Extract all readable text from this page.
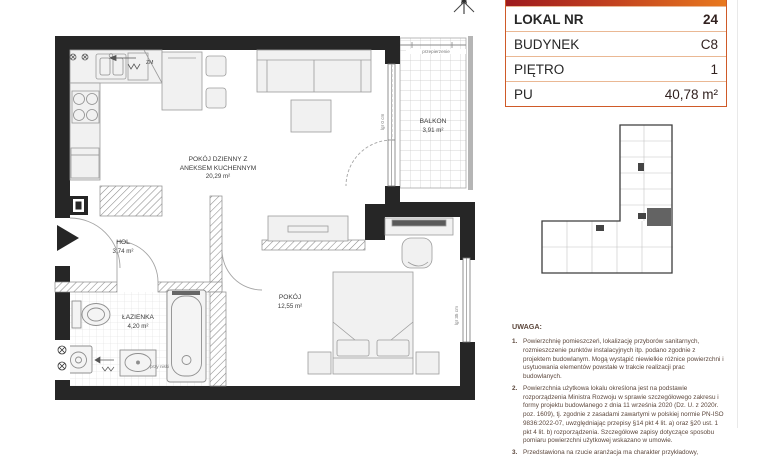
POKÓJ DZIENNY Z
ANEKSEM KUCHENNYM
20,29 m²
HOL
3,74 m²
ŁAZIENKA
4,20 m²
POKÓJ
12,55 m²
BALKON
3,91 m²
przepierzenie
ZM
lgr 0 cm
lgr 35 cm
przy niski
LOKAL NR	24
BUDYNEK	C8
PIĘTRO	1
PU	40,78 m²
UWAGA:
1. Powierzchnię pomieszczeń, lokalizację przyborów sanitarnych, rozmieszczenie punktów instalacyjnych itp. podano zgodnie z projektem budowlanym. Mogą wystąpić niewielkie różnice powierzchni i usytuowania elementów powstałe w trakcie realizacji prac budowlanych.
2. Powierzchnia użytkowa lokalu określona jest na podstawie rozporządzenia Ministra Rozwoju w sprawie szczegółowego zakresu i formy projektu budowlanego z dnia 11 września 2020 (Dz. U. z 2020r. poz. 1609), tj. zgodnie z zasadami zawartymi w polskiej normie PN-ISO 9836:2022-07, uwzględniając przepisy §14 pkt 4 lit. a) oraz §20 ust. 1 pkt 4 lit. b) rozporządzenia. Szczegółowe zapisy dotyczące sposobu pomiaru powierzchni użytkowej wskazano w umowie.
3. Przedstawiona na rzucie aranżacja ma charakter przykładowy,
